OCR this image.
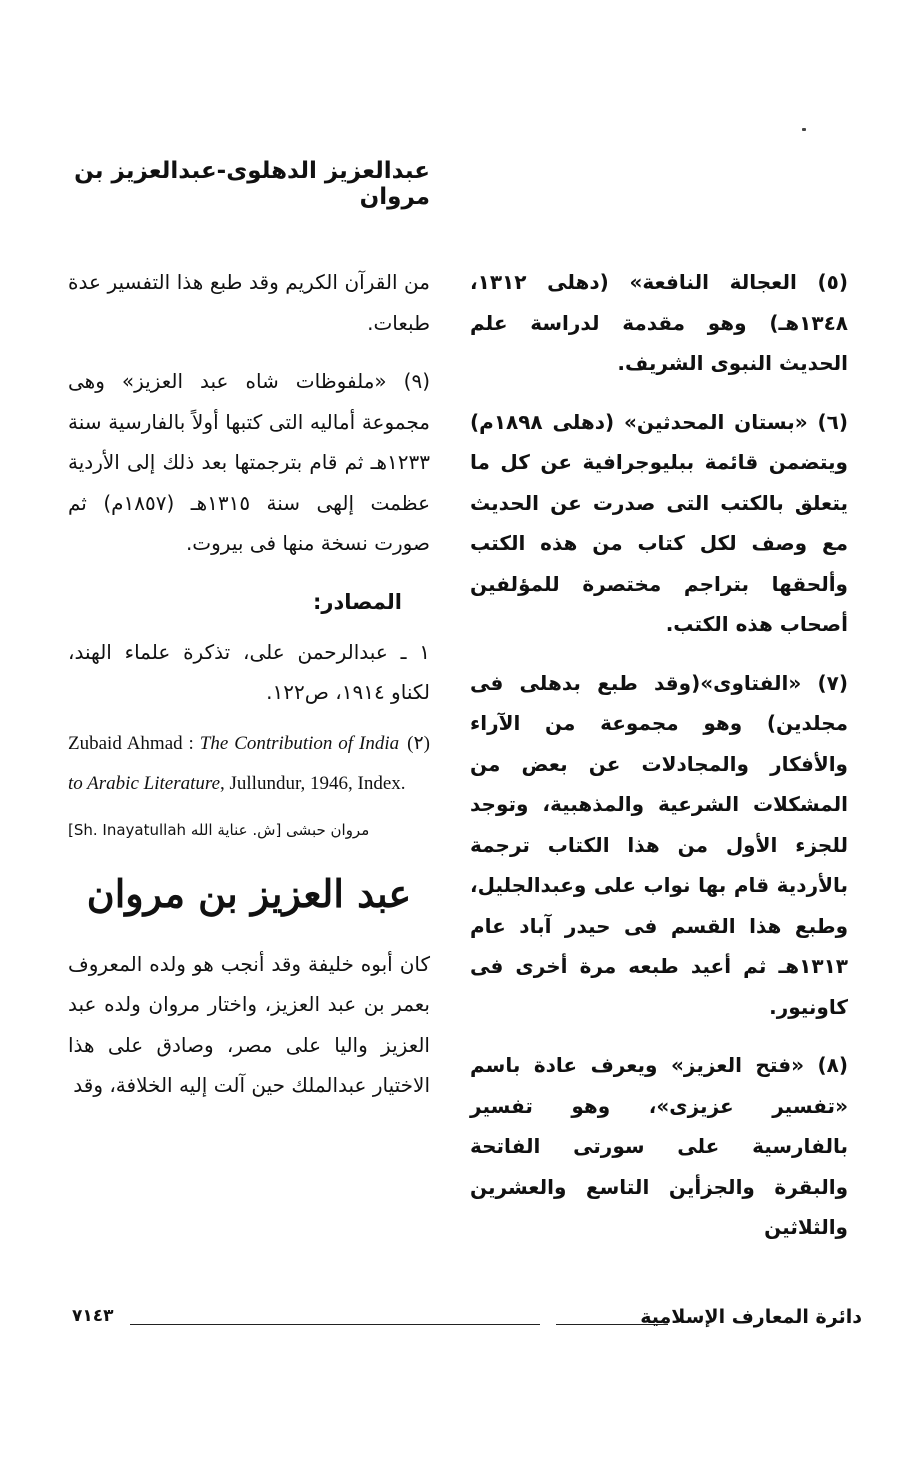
عبدالعزيز الدهلوى-عبدالعزيز بن مروان

(٥) العجالة النافعة» (دهلى ١٣١٢، ١٣٤٨هـ) وهو مقدمة لدراسة علم الحديث النبوى الشريف.

(٦) «بستان المحدثين» (دهلى ١٨٩٨م) ويتضمن قائمة ببليوجرافية عن كل ما يتعلق بالكتب التى صدرت عن الحديث مع وصف لكل كتاب من هذه الكتب وألحقها بتراجم مختصرة للمؤلفين أصحاب هذه الكتب.

(٧) «الفتاوى»(وقد طبع بدهلى فى مجلدين) وهو مجموعة من الآراء والأفكار والمجادلات عن بعض من المشكلات الشرعية والمذهبية، وتوجد للجزء الأول من هذا الكتاب ترجمة بالأردية قام بها نواب على وعبدالجليل، وطبع هذا القسم فى حيدر آباد عام ١٣١٣هـ ثم أعيد طبعه مرة أخرى فى كاونيور.

(٨) «فتح العزيز» ويعرف عادة باسم «تفسير عزيزى»، وهو تفسير بالفارسية على سورتى الفاتحة والبقرة والجزأين التاسع والعشرين والثلاثين

من القرآن الكريم وقد طبع هذا التفسير عدة طبعات.

(٩) «ملفوظات شاه عبد العزيز» وهى مجموعة أماليه التى كتبها أولاً بالفارسية سنة ١٢٣٣هـ ثم قام بترجمتها بعد ذلك إلى الأردية عظمت إلهى سنة ١٣١٥هـ (١٨٥٧م) ثم صورت نسخة منها فى بيروت.

المصادر:

١ ـ عبدالرحمن على، تذكرة علماء الهند، لكناو ١٩١٤، ص١٢٢.

(٢)
Zubaid Ahmad : The Contribution of India to Arabic Literature, Jullundur, 1946, Index.

مروان حبشى [ش. عناية الله Sh. Inayatullah]

عبد العزيز بن مروان

كان أبوه خليفة وقد أنجب هو ولده المعروف بعمر بن عبد العزيز، واختار مروان ولده عبد العزيز واليا على مصر، وصادق على هذا الاختيار عبدالملك حين آلت إليه الخلافة، وقد

٧١٤٣	دائرة المعارف الإسلامية
